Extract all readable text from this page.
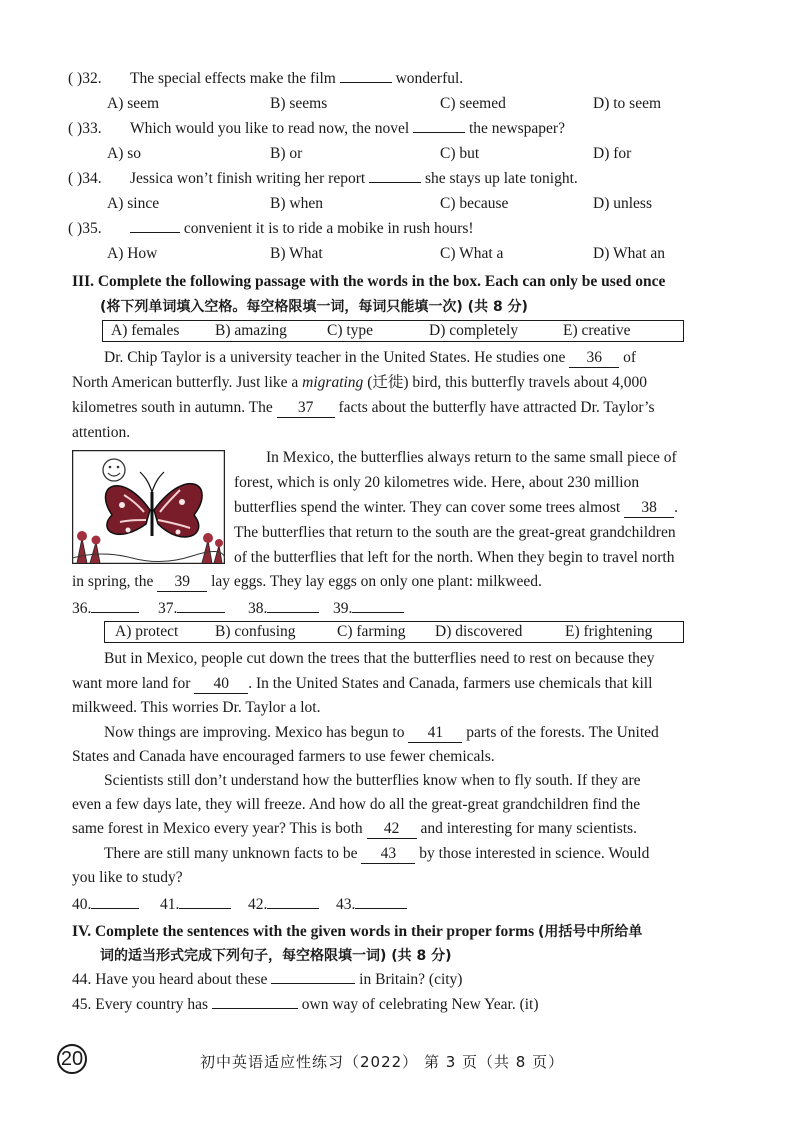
( )32. The special effects make the film	wonderful.
A) seem	B) seems	C) seemed	D) to seem
( )33. Which would you like to read now, the novel	the newspaper?
A) so	B) or	C) but	D) for
( )34. Jessica won’t finish writing her report	she stays up late tonight.
A) since	B) when	C) because	D) unless
( )35.	convenient it is to ride a mobike in rush hours!
A) How	B) What	C) What a	D) What an
III. Complete the following passage with the words in the box. Each can only be used once
(将下列单词填入空格。每空格限填一词，每词只能填一次) (共 8 分)
A) females B) amazing	C) type	D) completely	E) creative
Dr. Chip Taylor is a university teacher in the United States. He studies one 36 of
North American butterfly. Just like a migrating (迁徙) bird, this butterfly travels about 4,000
kilometres south in autumn. The 37 facts about the butterfly have attracted Dr. Taylor’s
attention.
In Mexico, the butterflies always return to the same small piece of
forest, which is only 20 kilometres wide. Here, about 230 million
butterflies spend the winter. They can cover some trees almost 38 .
The butterflies that return to the south are the great-great grandchildren
of the butterflies that left for the north. When they begin to travel north
in spring, the 39 lay eggs. They lay eggs on only one plant: milkweed.
36.	37.	38.	39.
A) protect B) confusing	C) farming D) discovered	E) frightening
But in Mexico, people cut down the trees that the butterflies need to rest on because they
want more land for 40 . In the United States and Canada, farmers use chemicals that kill
milkweed. This worries Dr. Taylor a lot.
Now things are improving. Mexico has begun to 41 parts of the forests. The United
States and Canada have encouraged farmers to use fewer chemicals.
Scientists still don’t understand how the butterflies know when to fly south. If they are
even a few days late, they will freeze. And how do all the great-great grandchildren find the
same forest in Mexico every year? This is both 42 and interesting for many scientists.
There are still many unknown facts to be 43 by those interested in science. Would
you like to study?
40.	41.	42.	43.
IV. Complete the sentences with the given words in their proper forms (用括号中所给单
词的适当形式完成下列句子，每空格限填一词) (共 8 分)
44. Have you heard about these	in Britain? (city)
45. Every country has	own way of celebrating New Year. (it)
20	初中英语适应性练习（2022） 第 3 页（共 8 页）
